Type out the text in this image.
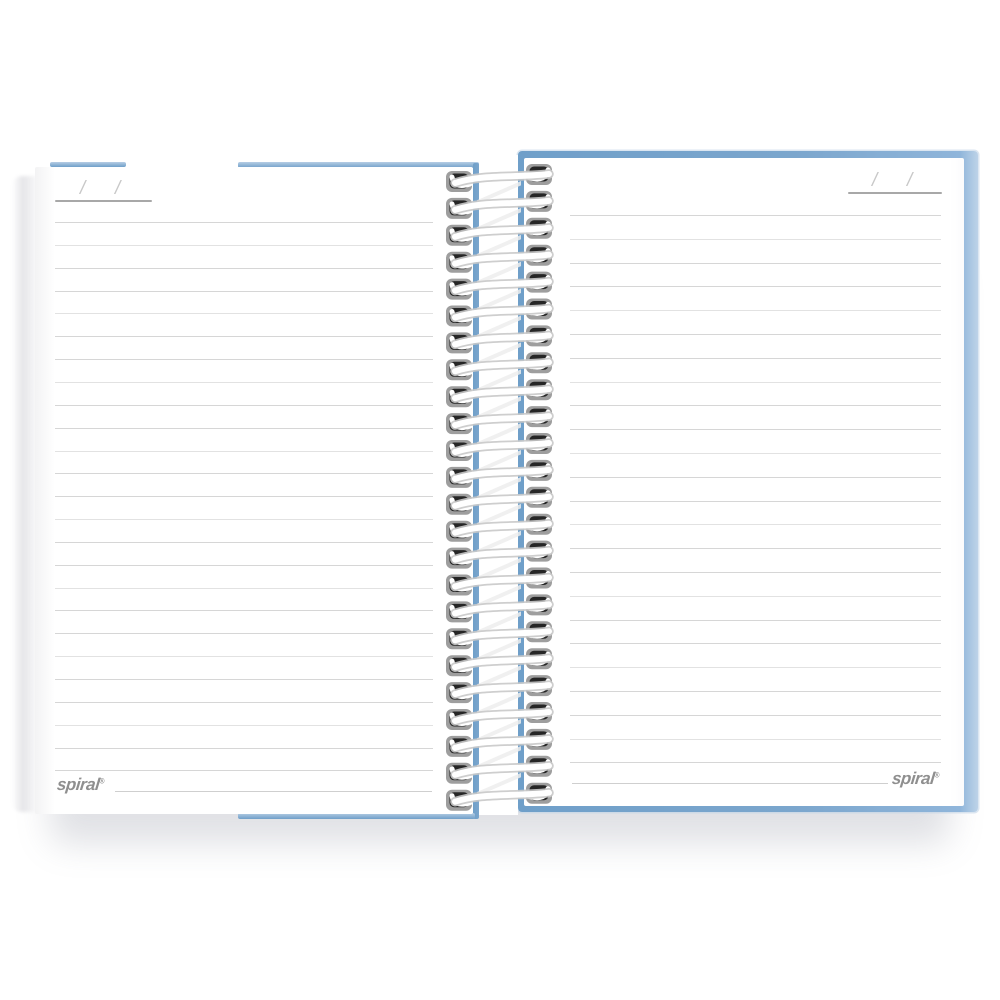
/ /
spiral®
/ /
spiral®
